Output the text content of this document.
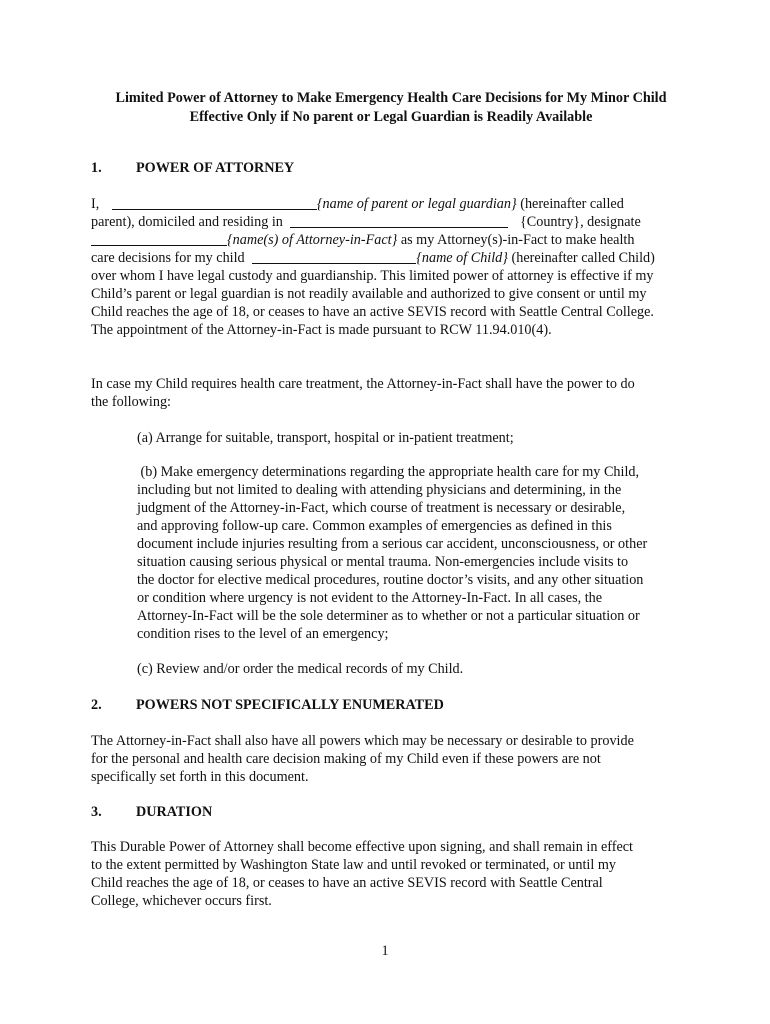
Limited Power of Attorney to Make Emergency Health Care Decisions for My Minor Child
Effective Only if No parent or Legal Guardian is Readily Available
1. POWER OF ATTORNEY
I,	{name of parent or legal guardian} (hereinafter called
parent), domiciled and residing in	{Country}, designate
{name(s) of Attorney-in-Fact} as my Attorney(s)-in-Fact to make health
care decisions for my child	{name of Child} (hereinafter called Child)
over whom I have legal custody and guardianship. This limited power of attorney is effective if my
Child’s parent or legal guardian is not readily available and authorized to give consent or until my
Child reaches the age of 18, or ceases to have an active SEVIS record with Seattle Central College.
The appointment of the Attorney-in-Fact is made pursuant to RCW 11.94.010(4).
In case my Child requires health care treatment, the Attorney-in-Fact shall have the power to do
the following:
(a) Arrange for suitable, transport, hospital or in-patient treatment;
(b) Make emergency determinations regarding the appropriate health care for my Child,
including but not limited to dealing with attending physicians and determining, in the
judgment of the Attorney-in-Fact, which course of treatment is necessary or desirable,
and approving follow-up care. Common examples of emergencies as defined in this
document include injuries resulting from a serious car accident, unconsciousness, or other
situation causing serious physical or mental trauma. Non-emergencies include visits to
the doctor for elective medical procedures, routine doctor’s visits, and any other situation
or condition where urgency is not evident to the Attorney-In-Fact. In all cases, the
Attorney-In-Fact will be the sole determiner as to whether or not a particular situation or
condition rises to the level of an emergency;
(c) Review and/or order the medical records of my Child.
2. POWERS NOT SPECIFICALLY ENUMERATED
The Attorney-in-Fact shall also have all powers which may be necessary or desirable to provide
for the personal and health care decision making of my Child even if these powers are not
specifically set forth in this document.
3. DURATION
This Durable Power of Attorney shall become effective upon signing, and shall remain in effect
to the extent permitted by Washington State law and until revoked or terminated, or until my
Child reaches the age of 18, or ceases to have an active SEVIS record with Seattle Central
College, whichever occurs first.
1
